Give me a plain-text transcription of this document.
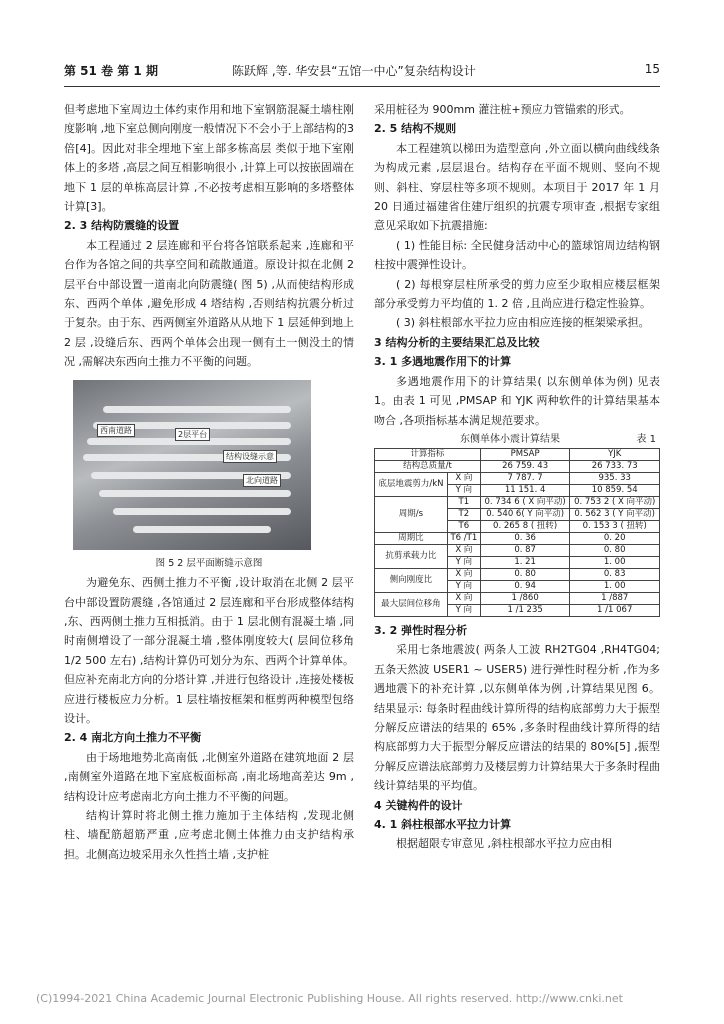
第 51 卷 第 1 期	陈跃辉 ,等. 华安县“五馆一中心”复杂结构设计	15

但考虑地下室周边土体约束作用和地下室钢筋混凝土墙柱刚度影响 ,地下室总侧向刚度一般情况下不会小于上部结构的3 倍[4]。因此对非全埋地下室上部多栋高层 类似于地下室刚体上的多塔 ,高层之间互相影响很小 ,计算上可以按嵌固端在地下 1 层的单栋高层计算 ,不必按考虑相互影响的多塔整体计算[3]。

2. 3 结构防震缝的设置

本工程通过 2 层连廊和平台将各馆联系起来 ,连廊和平台作为各馆之间的共享空间和疏散通道。原设计拟在北侧 2 层平台中部设置一道南北向防震缝( 图 5) ,从而使结构形成东、西两个单体 ,避免形成 4 塔结构 ,否则结构抗震分析过于复杂。由于东、西两侧室外道路从从地下 1 层延伸到地上 2 层 ,设缝后东、西两个单体会出现一侧有土一侧没土的情况 ,需解决东西向土推力不平衡的问题。

西南道路	2层平台
结构设缝示意
北向道路

图 5 2 层平面断缝示意图

为避免东、西侧土推力不平衡 ,设计取消在北侧 2 层平台中部设置防震缝 ,各馆通过 2 层连廊和平台形成整体结构 ,东、西两侧土推力互相抵消。由于 1 层北侧有混凝土墙 ,同时南侧增设了一部分混凝土墙 ,整体刚度较大( 层间位移角 1/2 500 左右) ,结构计算仍可划分为东、西两个计算单体。但应补充南北方向的分塔计算 ,并进行包络设计 ,连接处楼板应进行楼板应力分析。1 层柱墙按框架和框剪两种模型包络设计。

2. 4 南北方向土推力不平衡

由于场地地势北高南低 ,北侧室外道路在建筑地面 2 层 ,南侧室外道路在地下室底板面标高 ,南北场地高差达 9m ,结构设计应考虑南北方向土推力不平衡的问题。

结构计算时将北侧土推力施加于主体结构 ,发现北侧柱、墙配筋超筋严重 ,应考虑北侧土体推力由支护结构承担。北侧高边坡采用永久性挡土墙 ,支护桩

采用桩径为 900mm 灌注桩+预应力管锚索的形式。

2. 5 结构不规则

本工程建筑以梯田为造型意向 ,外立面以横向曲线线条为构成元素 ,层层退台。结构存在平面不规则、竖向不规则、斜柱、穿层柱等多项不规则。本项目于 2017 年 1 月 20 日通过福建省住建厅组织的抗震专项审查 ,根据专家组意见采取如下抗震措施:

( 1) 性能目标: 全民健身活动中心的篮球馆周边结构钢柱按中震弹性设计。

( 2) 每根穿层柱所承受的剪力应至少取相应楼层框架部分承受剪力平均值的 1. 2 倍 ,且尚应进行稳定性验算。

( 3) 斜柱根部水平拉力应由相应连接的框架梁承担。

3 结构分析的主要结果汇总及比较

3. 1 多遇地震作用下的计算

多遇地震作用下的计算结果( 以东侧单体为例) 见表 1。由表 1 可见 ,PMSAP 和 YJK 两种软件的计算结果基本吻合 ,各项指标基本满足规范要求。

东侧单体小震计算结果	表 1
计算指标		PMSAP	YJK
结构总质量/t		26 759. 43	26 733. 73
底层地震剪力/kN	X 向	7 787. 7	935. 33
	Y 向	11 151. 4	10 859. 54
周期/s	T1	0. 734 6 ( X 向平动)	0. 753 2 ( X 向平动)
	T2	0. 540 6( Y 向平动)	0. 562 3 ( Y 向平动)
	T6	0. 265 8 ( 扭转)	0. 153 3 ( 扭转)
周期比	T6 /T1	0. 36	0. 20
抗剪承载力比	X 向	0. 87	0. 80
	Y 向	1. 21	1. 00
侧向刚度比	X 向	0. 80	0. 83
	Y 向	0. 94	1. 00
最大层间位移角	X 向	1 /860	1 /887
	Y 向	1 /1 235	1 /1 067

3. 2 弹性时程分析

采用七条地震波( 两条人工波 RH2TG04 ,RH4TG04; 五条天然波 USER1 ~ USER5) 进行弹性时程分析 ,作为多遇地震下的补充计算 ,以东侧单体为例 ,计算结果见图 6。结果显示: 每条时程曲线计算所得的结构底部剪力大于振型分解反应谱法的结果的 65% ,多条时程曲线计算所得的结构底部剪力大于振型分解反应谱法的结果的 80%[5] ,振型分解反应谱法底部剪力及楼层剪力计算结果大于多条时程曲线计算结果的平均值。

4 关键构件的设计

4. 1 斜柱根部水平拉力计算

根据超限专审意见 ,斜柱根部水平拉力应由相

(C)1994-2021 China Academic Journal Electronic Publishing House. All rights reserved. http://www.cnki.net
